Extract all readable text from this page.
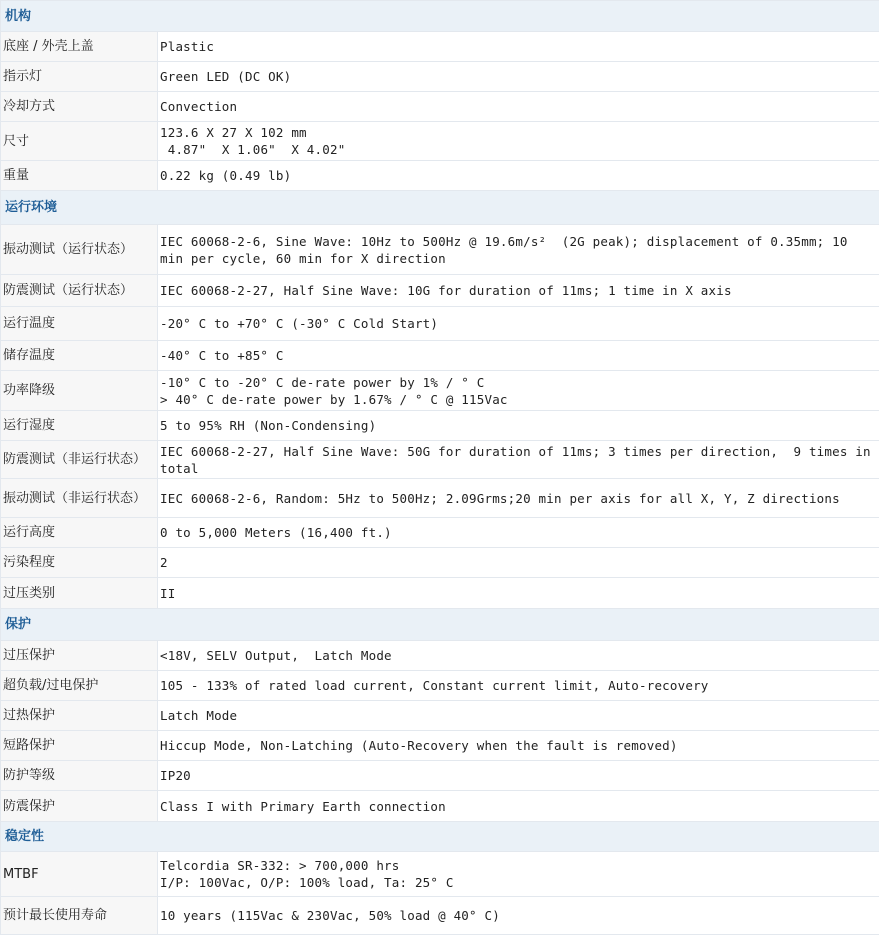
机构	
底座 / 外壳上盖	Plastic

指示灯	Green LED (DC OK)

冷却方式	Convection

尺寸	123.6 X 27 X 102 mm
4.87"  X 1.06"  X 4.02"

重量	0.22 kg (0.49 lb)

运行环境	
振动测试（运行状态）	IEC 60068-2-6, Sine Wave: 10Hz to 500Hz @ 19.6m/s²  (2G peak); displacement of 0.35mm; 10 min per cycle, 60 min for X direction

防震测试（运行状态）	IEC 60068-2-27, Half Sine Wave: 10G for duration of 11ms; 1 time in X axis

运行温度	-20° C to +70° C (-30° C Cold Start)

储存温度	-40° C to +85° C

功率降级	-10° C to -20° C de-rate power by 1% / ° C
> 40° C de-rate power by 1.67% / ° C @ 115Vac

运行湿度	5 to 95% RH (Non-Condensing)

防震测试（非运行状态）	IEC 60068-2-27, Half Sine Wave: 50G for duration of 11ms; 3 times per direction,  9 times in total

振动测试（非运行状态）	IEC 60068-2-6, Random: 5Hz to 500Hz; 2.09Grms;20 min per axis for all X, Y, Z directions

运行高度	0 to 5,000 Meters (16,400 ft.)

污染程度	2

过压类别	II

保护	
过压保护	<18V, SELV Output,  Latch Mode

超负载/过电保护	105 - 133% of rated load current, Constant current limit, Auto-recovery

过热保护	Latch Mode

短路保护	Hiccup Mode, Non-Latching (Auto-Recovery when the fault is removed)

防护等级	IP20

防震保护	Class I with Primary Earth connection

稳定性	
MTBF	Telcordia SR-332: > 700,000 hrs
I/P: 100Vac, O/P: 100% load, Ta: 25° C

预计最长使用寿命	10 years (115Vac & 230Vac, 50% load @ 40° C)
